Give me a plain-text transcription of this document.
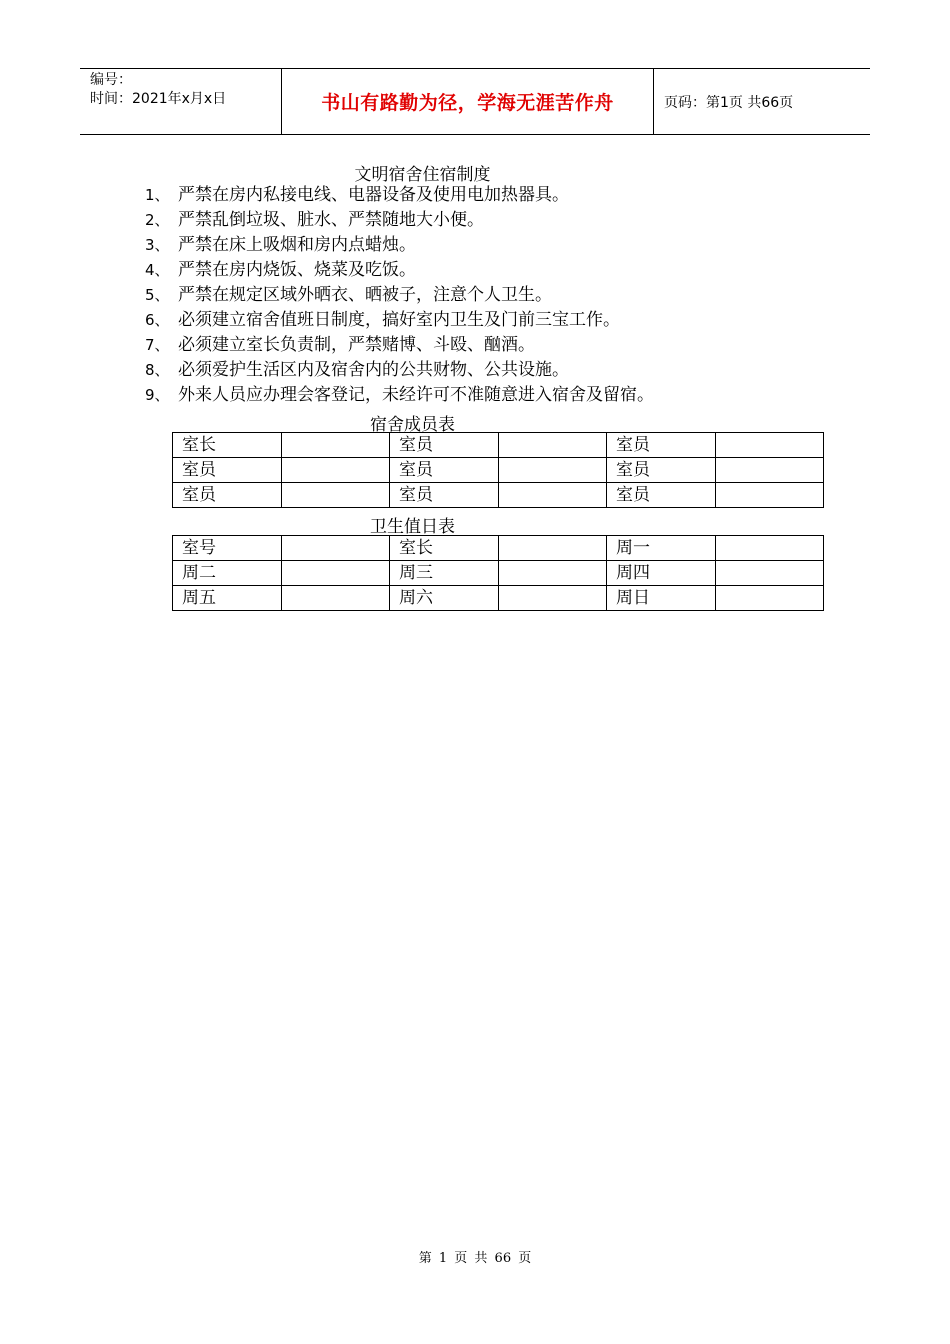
编号：
时间：2021年x月x日	书山有路勤为径，学海无涯苦作舟	页码：第1页 共66页
文明宿舍住宿制度
1、 严禁在房内私接电线、电器设备及使用电加热器具。
2、 严禁乱倒垃圾、脏水、严禁随地大小便。
3、 严禁在床上吸烟和房内点蜡烛。
4、 严禁在房内烧饭、烧菜及吃饭。
5、 严禁在规定区域外晒衣、晒被子，注意个人卫生。
6、 必须建立宿舍值班日制度，搞好室内卫生及门前三宝工作。
7、 必须建立室长负责制，严禁赌博、斗殴、酗酒。
8、 必须爱护生活区内及宿舍内的公共财物、公共设施。
9、 外来人员应办理会客登记，未经许可不准随意进入宿舍及留宿。
宿舍成员表
室长		室员		室员	
室员		室员		室员	
室员		室员		室员	
卫生值日表
室号		室长		周一	
周二		周三		周四	
周五		周六		周日	
第 1 页 共 66 页
